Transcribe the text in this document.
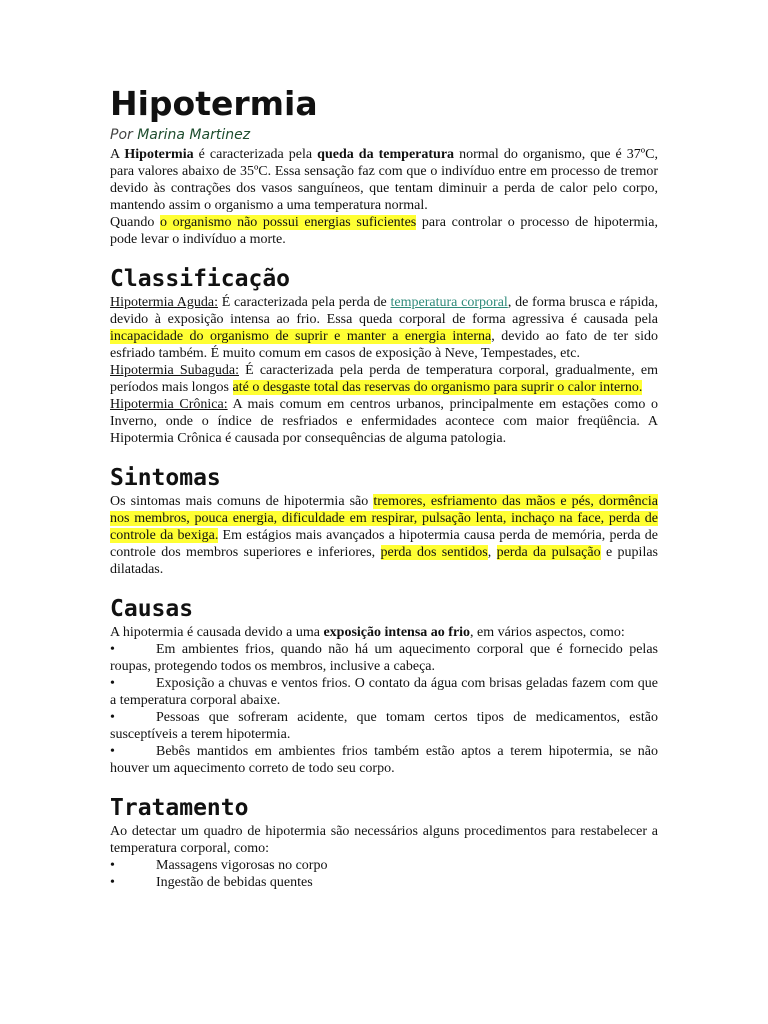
Hipotermia
Por Marina Martinez

A Hipotermia é caracterizada pela queda da temperatura normal do organismo, que é 37ºC, para valores abaixo de 35ºC. Essa sensação faz com que o indivíduo entre em processo de tremor devido às contrações dos vasos sanguíneos, que tentam diminuir a perda de calor pelo corpo, mantendo assim o organismo a uma temperatura normal.

Quando o organismo não possui energias suficientes para controlar o processo de hipotermia, pode levar o indivíduo a morte.

Classificação

Hipotermia Aguda: É caracterizada pela perda de temperatura corporal, de forma brusca e rápida, devido à exposição intensa ao frio. Essa queda corporal de forma agressiva é causada pela incapacidade do organismo de suprir e manter a energia interna, devido ao fato de ter sido esfriado também. É muito comum em casos de exposição à Neve, Tempestades, etc.

Hipotermia Subaguda: É caracterizada pela perda de temperatura corporal, gradualmente, em períodos mais longos até o desgaste total das reservas do organismo para suprir o calor interno.

Hipotermia Crônica: A mais comum em centros urbanos, principalmente em estações como o Inverno, onde o índice de resfriados e enfermidades acontece com maior freqüência. A Hipotermia Crônica é causada por consequências de alguma patologia.

Sintomas

Os sintomas mais comuns de hipotermia são tremores, esfriamento das mãos e pés, dormência nos membros, pouca energia, dificuldade em respirar, pulsação lenta, inchaço na face, perda de controle da bexiga. Em estágios mais avançados a hipotermia causa perda de memória, perda de controle dos membros superiores e inferiores, perda dos sentidos, perda da pulsação e pupilas dilatadas.

Causas

A hipotermia é causada devido a uma exposição intensa ao frio, em vários aspectos, como:

•	Em ambientes frios, quando não há um aquecimento corporal que é fornecido pelas roupas, protegendo todos os membros, inclusive a cabeça.
•	Exposição a chuvas e ventos frios. O contato da água com brisas geladas fazem com que a temperatura corporal abaixe.
•	Pessoas que sofreram acidente, que tomam certos tipos de medicamentos, estão susceptíveis a terem hipotermia.
•	Bebês mantidos em ambientes frios também estão aptos a terem hipotermia, se não houver um aquecimento correto de todo seu corpo.
Tratamento

Ao detectar um quadro de hipotermia são necessários alguns procedimentos para restabelecer a temperatura corporal, como:

•	Massagens vigorosas no corpo
•	Ingestão de bebidas quentes
